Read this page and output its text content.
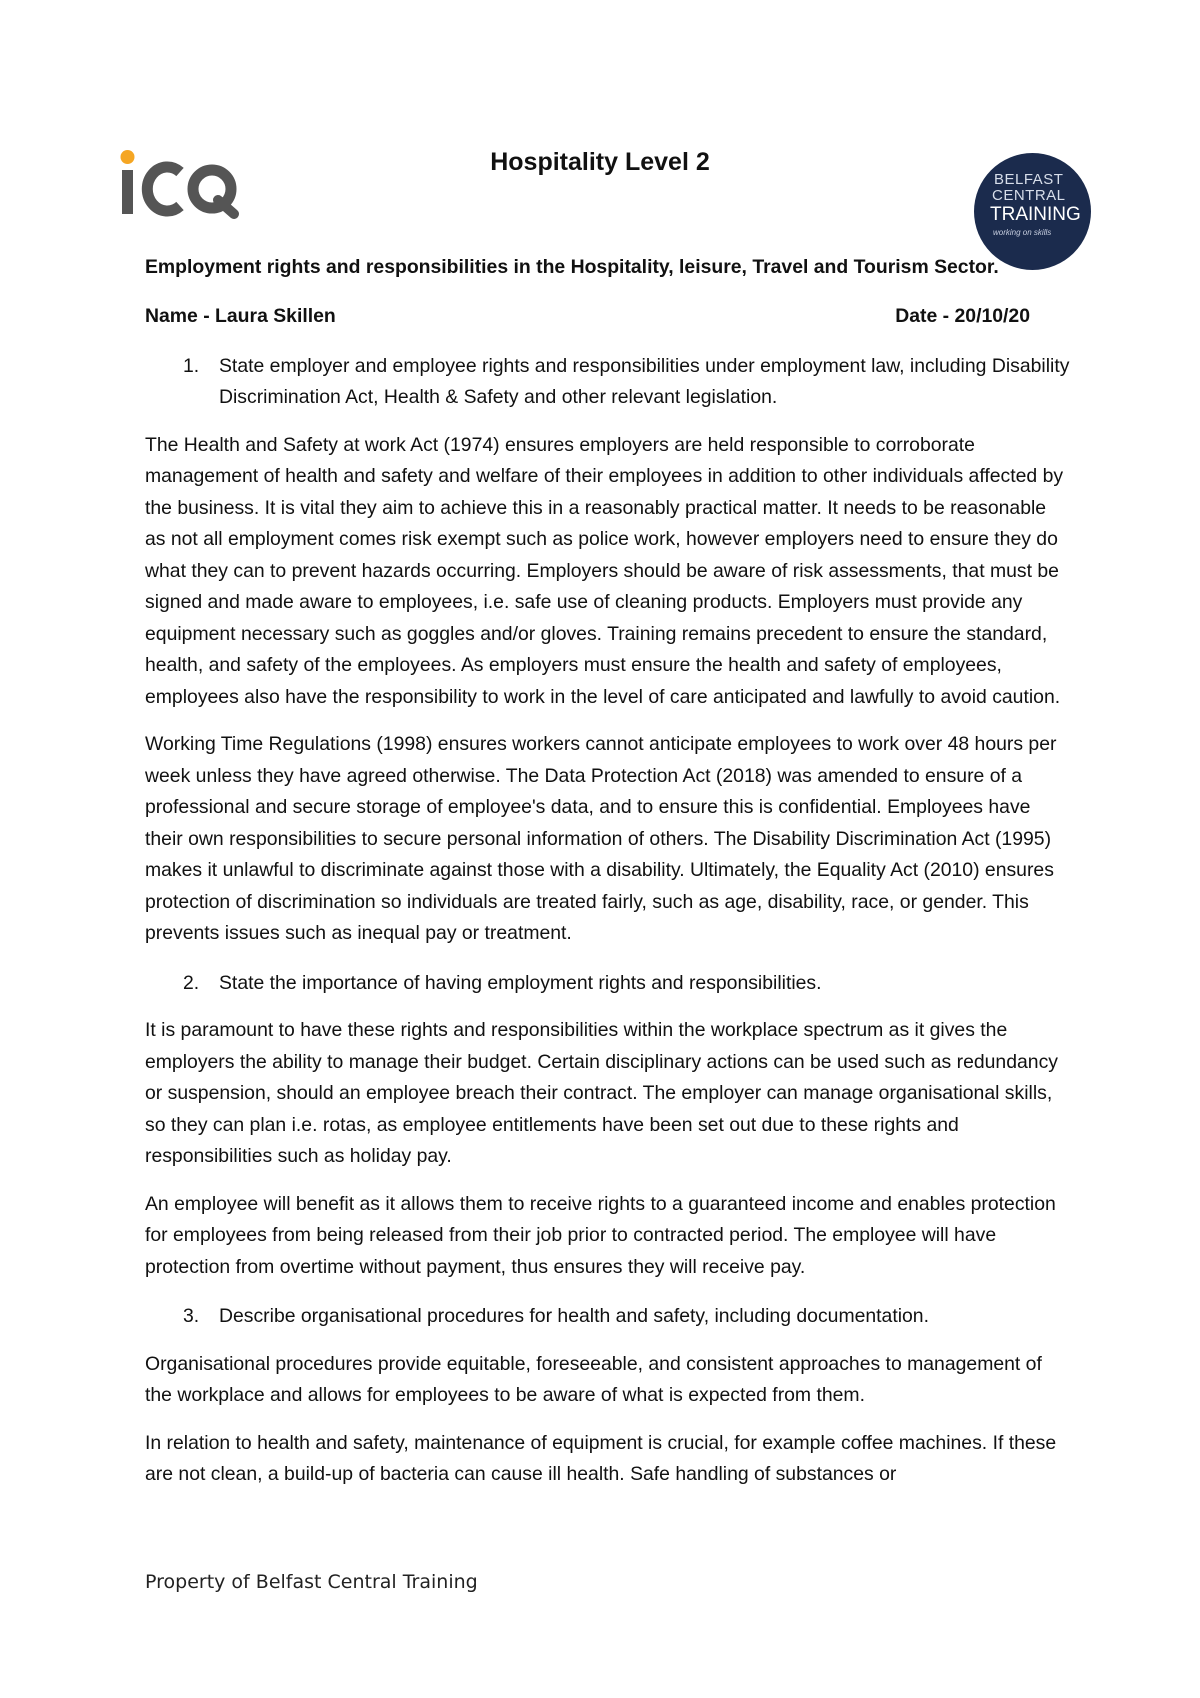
Hospitality Level 2
BELFAST
CENTRAL
TRAINING
working on skills

Employment rights and responsibilities in the Hospitality, leisure, Travel and Tourism Sector.

Name - Laura Skillen	Date - 20/10/20
1.	State employer and employee rights and responsibilities under employment law, including Disability Discrimination Act, Health & Safety and other relevant legislation.

The Health and Safety at work Act (1974) ensures employers are held responsible to corroborate management of health and safety and welfare of their employees in addition to other individuals affected by the business. It is vital they aim to achieve this in a reasonably practical matter. It needs to be reasonable as not all employment comes risk exempt such as police work, however employers need to ensure they do what they can to prevent hazards occurring. Employers should be aware of risk assessments, that must be signed and made aware to employees, i.e. safe use of cleaning products. Employers must provide any equipment necessary such as goggles and/or gloves. Training remains precedent to ensure the standard, health, and safety of the employees. As employers must ensure the health and safety of employees, employees also have the responsibility to work in the level of care anticipated and lawfully to avoid caution.

Working Time Regulations (1998) ensures workers cannot anticipate employees to work over 48 hours per week unless they have agreed otherwise. The Data Protection Act (2018) was amended to ensure of a professional and secure storage of employee's data, and to ensure this is confidential. Employees have their own responsibilities to secure personal information of others. The Disability Discrimination Act (1995) makes it unlawful to discriminate against those with a disability. Ultimately, the Equality Act (2010) ensures protection of discrimination so individuals are treated fairly, such as age, disability, race, or gender. This prevents issues such as inequal pay or treatment.

2.	State the importance of having employment rights and responsibilities.

It is paramount to have these rights and responsibilities within the workplace spectrum as it gives the employers the ability to manage their budget. Certain disciplinary actions can be used such as redundancy or suspension, should an employee breach their contract. The employer can manage organisational skills, so they can plan i.e. rotas, as employee entitlements have been set out due to these rights and responsibilities such as holiday pay.

An employee will benefit as it allows them to receive rights to a guaranteed income and enables protection for employees from being released from their job prior to contracted period. The employee will have protection from overtime without payment, thus ensures they will receive pay.

3.	Describe organisational procedures for health and safety, including documentation.

Organisational procedures provide equitable, foreseeable, and consistent approaches to management of the workplace and allows for employees to be aware of what is expected from them.

In relation to health and safety, maintenance of equipment is crucial, for example coffee machines. If these are not clean, a build-up of bacteria can cause ill health. Safe handling of substances or

Property of Belfast Central Training
